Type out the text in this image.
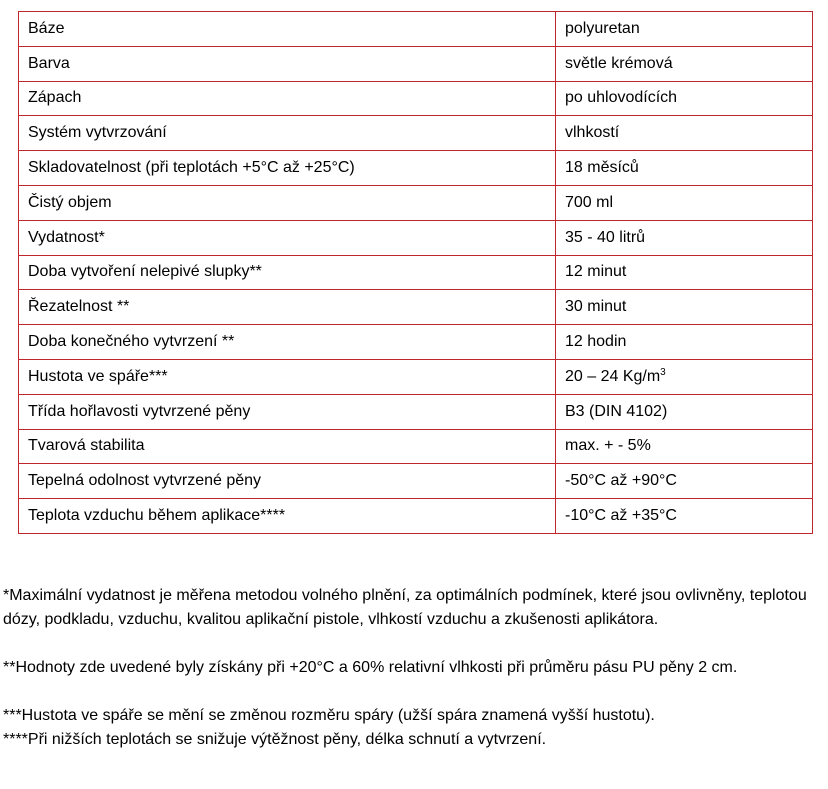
Báze	polyuretan
Barva	světle krémová
Zápach	po uhlovodících
Systém vytvrzování	vlhkostí
Skladovatelnost (při teplotách +5°C až +25°C)	18 měsíců
Čistý objem	700 ml
Vydatnost*	35 - 40 litrů
Doba vytvoření nelepivé slupky**	12 minut
Řezatelnost **	30 minut
Doba konečného vytvrzení **	12 hodin
Hustota ve spáře***	20 – 24 $Kg/m^3$
Třída hořlavosti vytvrzené pěny	B3 (DIN 4102)
Tvarová stabilita	max. + - 5%
Tepelná odolnost vytvrzené pěny	-50°C až +90°C
Teplota vzduchu během aplikace****	-10°C až +35°C

*Maximální vydatnost je měřena metodou volného plnění, za optimálních podmínek, které jsou ovlivněny, teplotou dózy, podkladu, vzduchu, kvalitou aplikační pistole, vlhkostí vzduchu a zkušenosti aplikátora.

**Hodnoty zde uvedené byly získány při +20°C a 60% relativní vlhkosti při průměru pásu PU pěny 2 cm.

***Hustota ve spáře se mění se změnou rozměru spáry (užší spára znamená vyšší hustotu).

****Při nižších teplotách se snižuje výtěžnost pěny, délka schnutí a vytvrzení.
